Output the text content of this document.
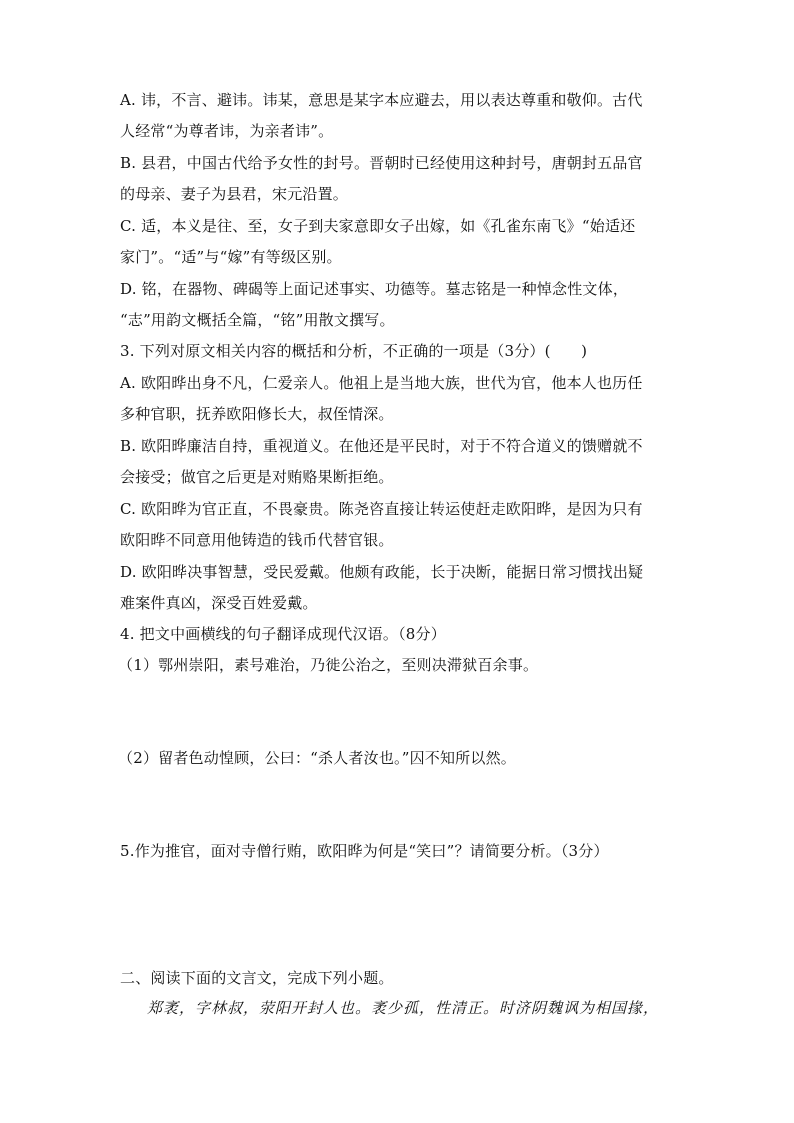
A. 讳，不言、避讳。讳某，意思是某字本应避去，用以表达尊重和敬仰。古代
人经常“为尊者讳，为亲者讳”。
B. 县君，中国古代给予女性的封号。晋朝时已经使用这种封号，唐朝封五品官
的母亲、妻子为县君，宋元沿置。
C. 适，本义是往、至，女子到夫家意即女子出嫁，如《孔雀东南飞》“始适还
家门”。“适”与“嫁”有等级区别。
D. 铭，在器物、碑碣等上面记述事实、功德等。墓志铭是一种悼念性文体，
“志”用韵文概括全篇，“铭”用散文撰写。
3. 下列对原文相关内容的概括和分析，不正确的一项是（3分）(　　)
A. 欧阳晔出身不凡，仁爱亲人。他祖上是当地大族，世代为官，他本人也历任
多种官职，抚养欧阳修长大，叔侄情深。
B. 欧阳晔廉洁自持，重视道义。在他还是平民时，对于不符合道义的馈赠就不
会接受；做官之后更是对贿赂果断拒绝。
C. 欧阳晔为官正直，不畏豪贵。陈尧咨直接让转运使赶走欧阳晔，是因为只有
欧阳晔不同意用他铸造的钱币代替官银。
D. 欧阳晔决事智慧，受民爱戴。他颇有政能，长于决断，能据日常习惯找出疑
难案件真凶，深受百姓爱戴。
4. 把文中画横线的句子翻译成现代汉语。（8分）
（1）鄂州崇阳，素号难治，乃徙公治之，至则决滞狱百余事。
（2）留者色动惶顾，公曰：“杀人者汝也。”囚不知所以然。
5.作为推官，面对寺僧行贿，欧阳晔为何是“笑曰”？请简要分析。（3分）
二、阅读下面的文言文，完成下列小题。
郑袤，字林叔，荥阳开封人也。袤少孤，性清正。时济阴魏讽为相国掾，
